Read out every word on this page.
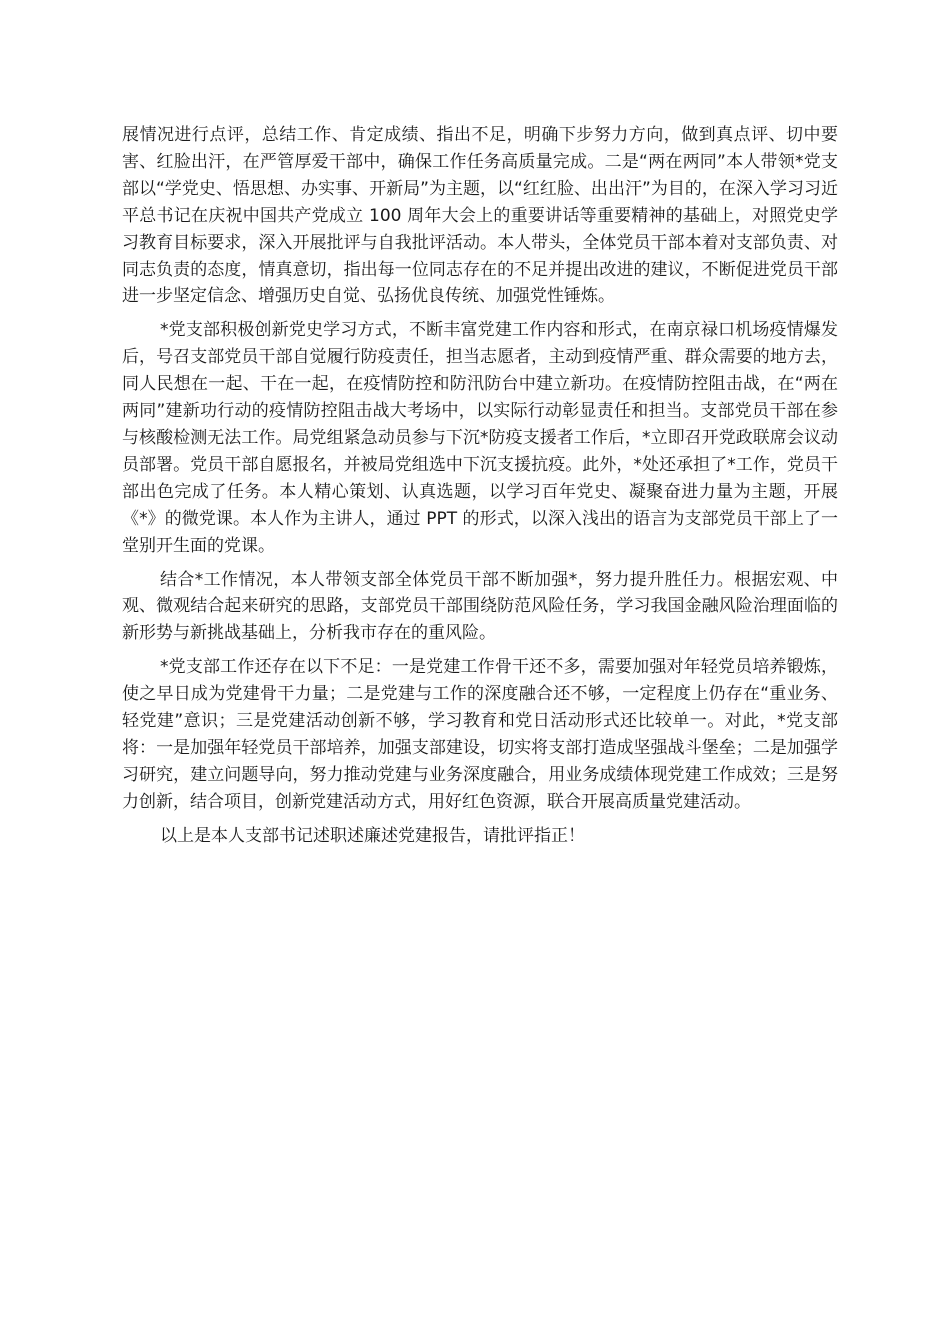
展情况进行点评，总结工作、肯定成绩、指出不足，明确下步努力方向，做到真点评、切中要害、红脸出汗，在严管厚爱干部中，确保工作任务高质量完成。二是“两在两同”本人带领*党支部以“学党史、悟思想、办实事、开新局”为主题，以“红红脸、出出汗”为目的，在深入学习习近平总书记在庆祝中国共产党成立 100 周年大会上的重要讲话等重要精神的基础上，对照党史学习教育目标要求，深入开展批评与自我批评活动。本人带头，全体党员干部本着对支部负责、对同志负责的态度，情真意切，指出每一位同志存在的不足并提出改进的建议，不断促进党员干部进一步坚定信念、增强历史自觉、弘扬优良传统、加强党性锤炼。

*党支部积极创新党史学习方式，不断丰富党建工作内容和形式，在南京禄口机场疫情爆发后，号召支部党员干部自觉履行防疫责任，担当志愿者，主动到疫情严重、群众需要的地方去，同人民想在一起、干在一起，在疫情防控和防汛防台中建立新功。在疫情防控阻击战，在“两在两同”建新功行动的疫情防控阻击战大考场中，以实际行动彰显责任和担当。支部党员干部在参与核酸检测无法工作。局党组紧急动员参与下沉*防疫支援者工作后，*立即召开党政联席会议动员部署。党员干部自愿报名，并被局党组选中下沉支援抗疫。此外，*处还承担了*工作，党员干部出色完成了任务。本人精心策划、认真选题，以学习百年党史、凝聚奋进力量为主题，开展《*》的微党课。本人作为主讲人，通过 PPT 的形式，以深入浅出的语言为支部党员干部上了一堂别开生面的党课。

结合*工作情况，本人带领支部全体党员干部不断加强*，努力提升胜任力。根据宏观、中观、微观结合起来研究的思路，支部党员干部围绕防范风险任务，学习我国金融风险治理面临的新形势与新挑战基础上，分析我市存在的重风险。

*党支部工作还存在以下不足：一是党建工作骨干还不多，需要加强对年轻党员培养锻炼，使之早日成为党建骨干力量；二是党建与工作的深度融合还不够，一定程度上仍存在“重业务、轻党建”意识；三是党建活动创新不够，学习教育和党日活动形式还比较单一。对此，*党支部将：一是加强年轻党员干部培养，加强支部建设，切实将支部打造成坚强战斗堡垒；二是加强学习研究，建立问题导向，努力推动党建与业务深度融合，用业务成绩体现党建工作成效；三是努力创新，结合项目，创新党建活动方式，用好红色资源，联合开展高质量党建活动。

以上是本人支部书记述职述廉述党建报告，请批评指正！
